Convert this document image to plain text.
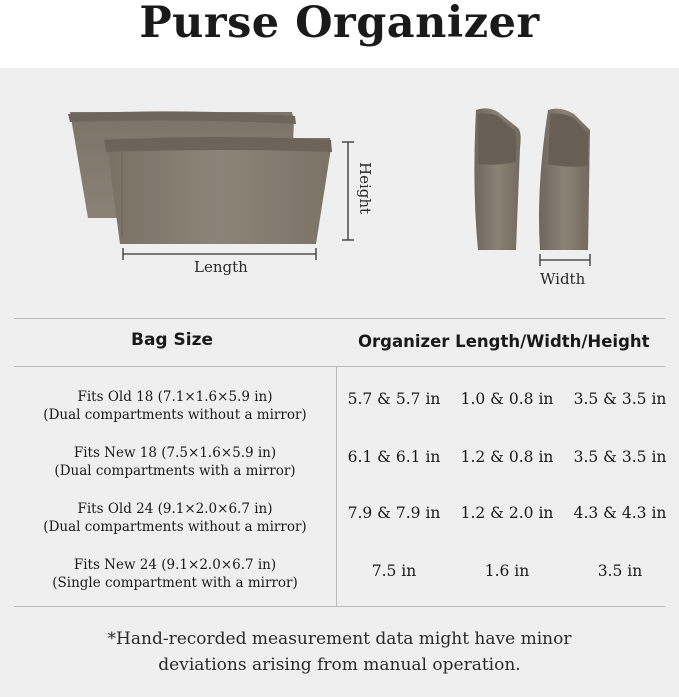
Purse Organizer
Height
Length
Width
Bag Size	Organizer Length/Width/Height
Fits Old 18 (7.1×1.6×5.9 in)
(Dual compartments without a mirror)
5.7 & 5.7 in	1.0 & 0.8 in	3.5 & 3.5 in
Fits New 18 (7.5×1.6×5.9 in)
(Dual compartments with a mirror)
6.1 & 6.1 in	1.2 & 0.8 in	3.5 & 3.5 in
Fits Old 24 (9.1×2.0×6.7 in)
(Dual compartments without a mirror)
7.9 & 7.9 in	1.2 & 2.0 in	4.3 & 4.3 in
Fits New 24 (9.1×2.0×6.7 in)
(Single compartment with a mirror)
7.5 in	1.6 in	3.5 in
*Hand-recorded measurement data might have minor
deviations arising from manual operation.
